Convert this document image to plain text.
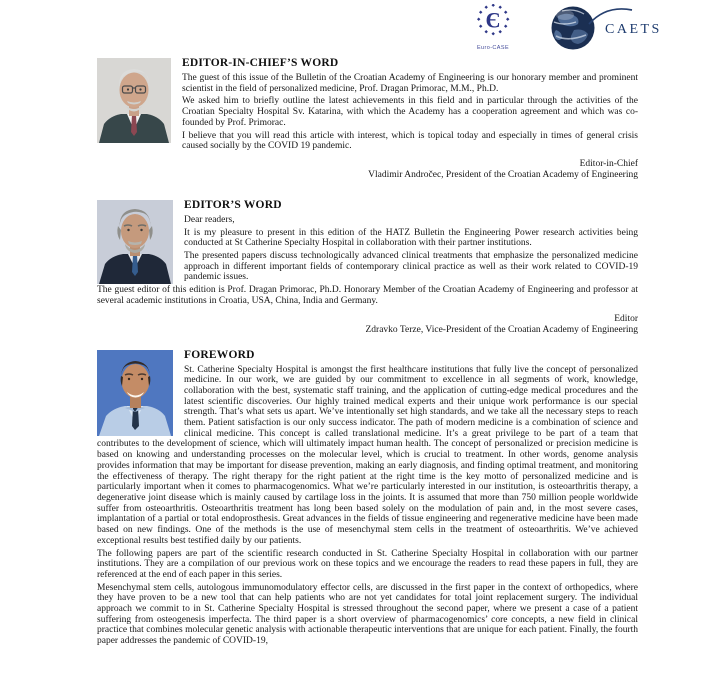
Є
Euro-CASE
CAETS
EDITOR-IN-CHIEF’S WORD

The guest of this issue of the Bulletin of the Croatian Academy of Engineering is our honorary member and prominent scientist in the field of personalized medicine, Prof. Dragan Primorac, M.M., Ph.D.

We asked him to briefly outline the latest achievements in this field and in particular through the activities of the Croatian Specialty Hospital Sv. Katarina, with which the Academy has a cooperation agreement and which was co-founded by Prof. Primorac.

I believe that you will read this article with interest, which is topical today and especially in times of general crisis caused socially by the COVID 19 pandemic.

Editor-in-Chief
Vladimir Andročec, President of the Croatian Academy of Engineering
EDITOR’S WORD

Dear readers,

It is my pleasure to present in this edition of the HATZ Bulletin the Engineering Power research activities being conducted at St Catherine Specialty Hospital in collaboration with their partner institutions.

The presented papers discuss technologically advanced clinical treatments that emphasize the personalized medicine approach in different important fields of contemporary clinical practice as well as their work related to COVID-19 pandemic issues.

The guest editor of this edition is Prof. Dragan Primorac, Ph.D. Honorary Member of the Croatian Academy of Engineering and professor at several academic institutions in Croatia, USA, China, India and Germany.

Editor
Zdravko Terze, Vice-President of the Croatian Academy of Engineering
FOREWORD

St. Catherine Specialty Hospital is amongst the first healthcare institutions that fully live the concept of personalized medicine. In our work, we are guided by our commitment to excellence in all segments of work, knowledge, collaboration with the best, systematic staff training, and the application of cutting-edge medical procedures and the latest scientific discoveries. Our highly trained medical experts and their unique work performance is our special strength. That’s what sets us apart. We’ve intentionally set high standards, and we take all the necessary steps to reach them. Patient satisfaction is our only success indicator. The path of modern medicine is a combination of science and clinical medicine. This concept is called translational medicine. It’s a great privilege to be part of a team that contributes to the development of science, which will ultimately impact human health. The concept of personalized or precision medicine is based on knowing and understanding processes on the molecular level, which is crucial to treatment. In other words, genome analysis provides information that may be important for disease prevention, making an early diagnosis, and finding optimal treatment, and monitoring the effectiveness of therapy. The right therapy for the right patient at the right time is the key motto of personalized medicine and is particularly important when it comes to pharmacogenomics. What we’re particularly interested in our institution, is osteoarthritis therapy, a degenerative joint disease which is mainly caused by cartilage loss in the joints. It is assumed that more than 750 million people worldwide suffer from osteoarthritis. Osteoarthritis treatment has long been based solely on the modulation of pain and, in the most severe cases, implantation of a partial or total endoprosthesis. Great advances in the fields of tissue engineering and regenerative medicine have been made based on new findings. One of the methods is the use of mesenchymal stem cells in the treatment of osteoarthritis. We’ve achieved exceptional results best testified daily by our patients.

The following papers are part of the scientific research conducted in St. Catherine Specialty Hospital in collaboration with our partner institutions. They are a compilation of our previous work on these topics and we encourage the readers to read these papers in full, they are referenced at the end of each paper in this series.

Mesenchymal stem cells, autologous immunomodulatory effector cells, are discussed in the first paper in the context of orthopedics, where they have proven to be a new tool that can help patients who are not yet candidates for total joint replacement surgery. The individual approach we commit to in St. Catherine Specialty Hospital is stressed throughout the second paper, where we present a case of a patient suffering from osteogenesis imperfecta. The third paper is a short overview of pharmacogenomics’ core concepts, a new field in clinical practice that combines molecular genetic analysis with actionable therapeutic interventions that are unique for each patient. Finally, the fourth paper addresses the pandemic of COVID-19,
